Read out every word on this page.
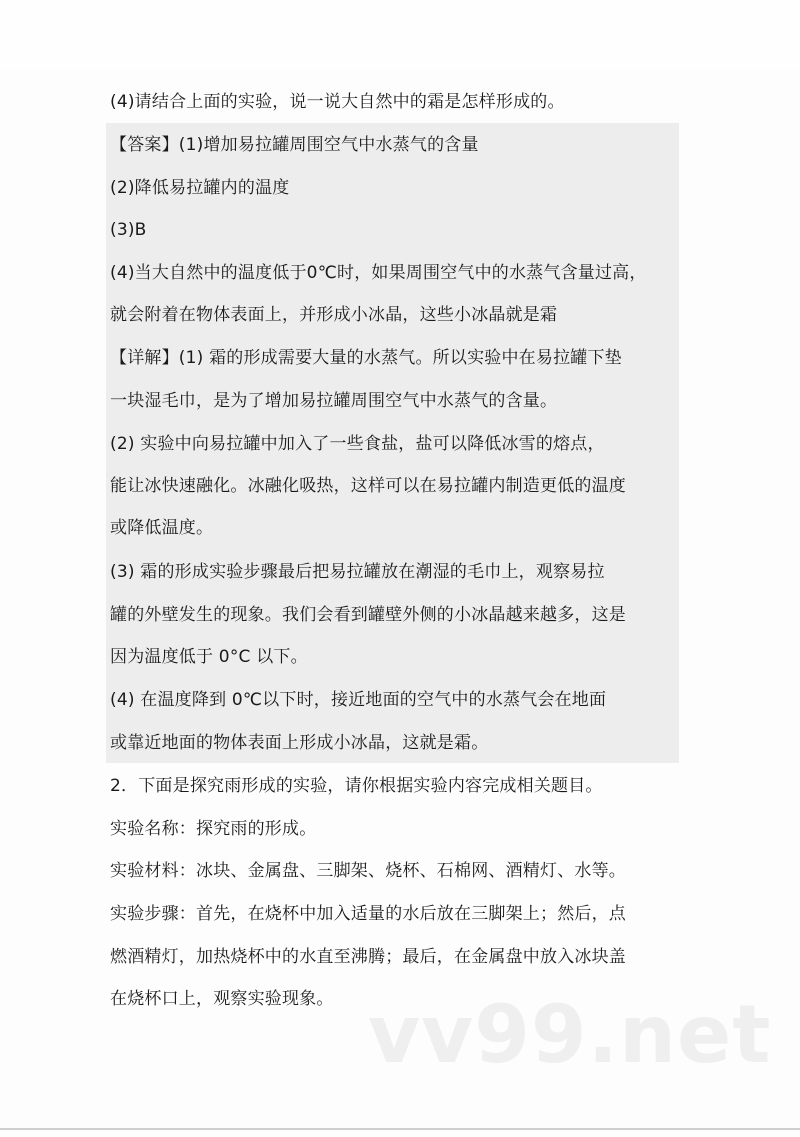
(4)请结合上面的实验，说一说大自然中的霜是怎样形成的。
【答案】(1)增加易拉罐周围空气中水蒸气的含量
(2)降低易拉罐内的温度
(3)B
(4)当大自然中的温度低于0℃时，如果周围空气中的水蒸气含量过高，
就会附着在物体表面上，并形成小冰晶，这些小冰晶就是霜
【详解】(1) 霜的形成需要大量的水蒸气。所以实验中在易拉罐下垫
一块湿毛巾，是为了增加易拉罐周围空气中水蒸气的含量。
(2) 实验中向易拉罐中加入了一些食盐，盐可以降低冰雪的熔点，
能让冰快速融化。冰融化吸热，这样可以在易拉罐内制造更低的温度
或降低温度。
(3) 霜的形成实验步骤最后把易拉罐放在潮湿的毛巾上，观察易拉
罐的外壁发生的现象。我们会看到罐壁外侧的小冰晶越来越多，这是
因为温度低于 0°C 以下。
(4) 在温度降到 0℃以下时，接近地面的空气中的水蒸气会在地面
或靠近地面的物体表面上形成小冰晶，这就是霜。
2．下面是探究雨形成的实验，请你根据实验内容完成相关题目。
实验名称：探究雨的形成。
实验材料：冰块、金属盘、三脚架、烧杯、石棉网、酒精灯、水等。
实验步骤：首先，在烧杯中加入适量的水后放在三脚架上；然后，点
燃酒精灯，加热烧杯中的水直至沸腾；最后，在金属盘中放入冰块盖
在烧杯口上，观察实验现象。 vv99.net
